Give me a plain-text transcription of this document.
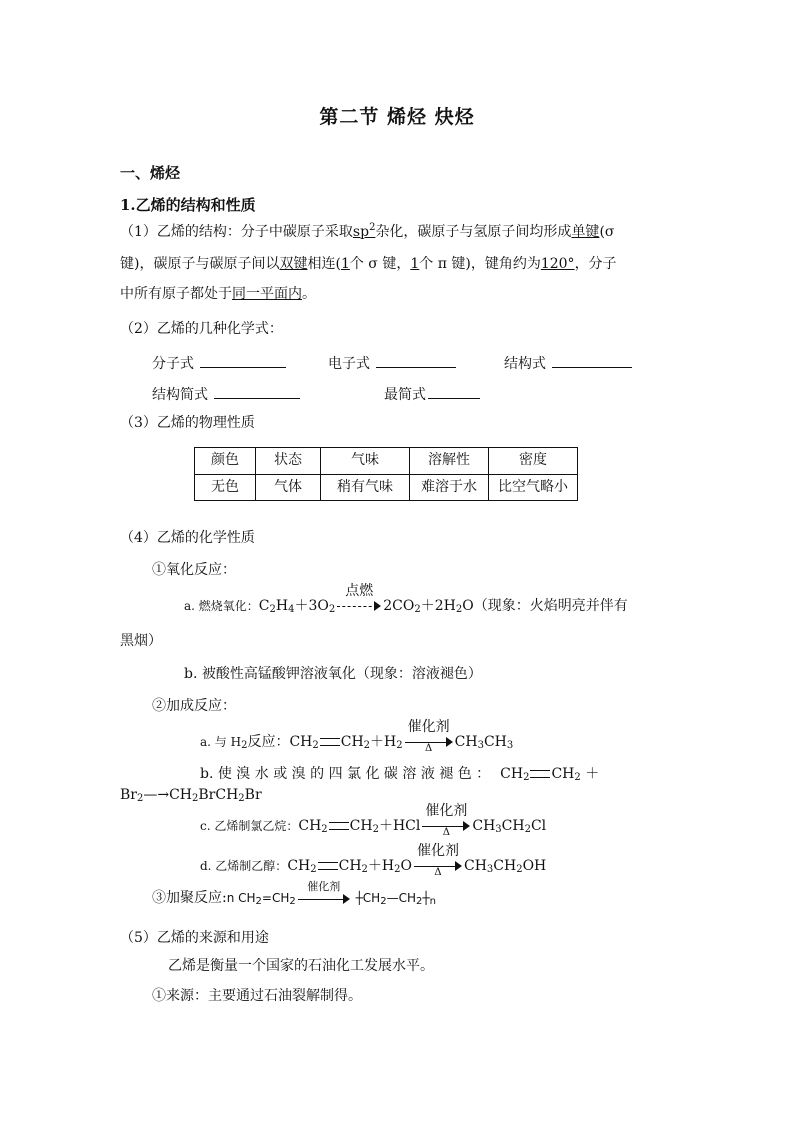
第二节 烯烃 炔烃
一、烯烃
1.乙烯的结构和性质
（1）乙烯的结构：分子中碳原子采取$sp^2$杂化，碳原子与氢原子间均形成单键(σ
键)，碳原子与碳原子间以双键相连(1个 σ 键，1个 π 键)，键角约为120°，分子
中所有原子都处于同一平面内。
（2）乙烯的几种化学式：
分子式	电子式	结构式
结构简式	最简式
（3）乙烯的物理性质
颜色	状态	气味	溶解性	密度
无色	气体	稍有气味	难溶于水	比空气略小
（4）乙烯的化学性质
①氧化反应：
a. 燃烧氧化：$C_2H_4+3O_2$
点燃
$2CO_2+2H_2O$（现象：火焰明亮并伴有
黑烟）
b. 被酸性高锰酸钾溶液氧化（现象：溶液褪色）
②加成反应：
a. 与 $H_2$反应：$CH_2$ $CH_2+H_2$
催化剂
Δ	$CH_3CH_3$
b. 使 溴 水 或 溴 的 四 氯 化 碳 溶 液 褪 色 ： $CH_2$ $CH_2$ ＋
$Br_2—\to CH_2BrCH_2Br$
c. 乙烯制氯乙烷：$CH_2$ $CH_2+HCl$
催化剂
Δ	$CH_3CH_2Cl$
d. 乙烯制乙醇：$CH_2$ $CH_2+H_2O$
催化剂
Δ	$CH_3CH_2OH$
③加聚反应:n $CH_2=CH_2$
催化剂
$┼CH_2—CH_2┼_n$
（5）乙烯的来源和用途
乙烯是衡量一个国家的石油化工发展水平。
①来源：主要通过石油裂解制得。
